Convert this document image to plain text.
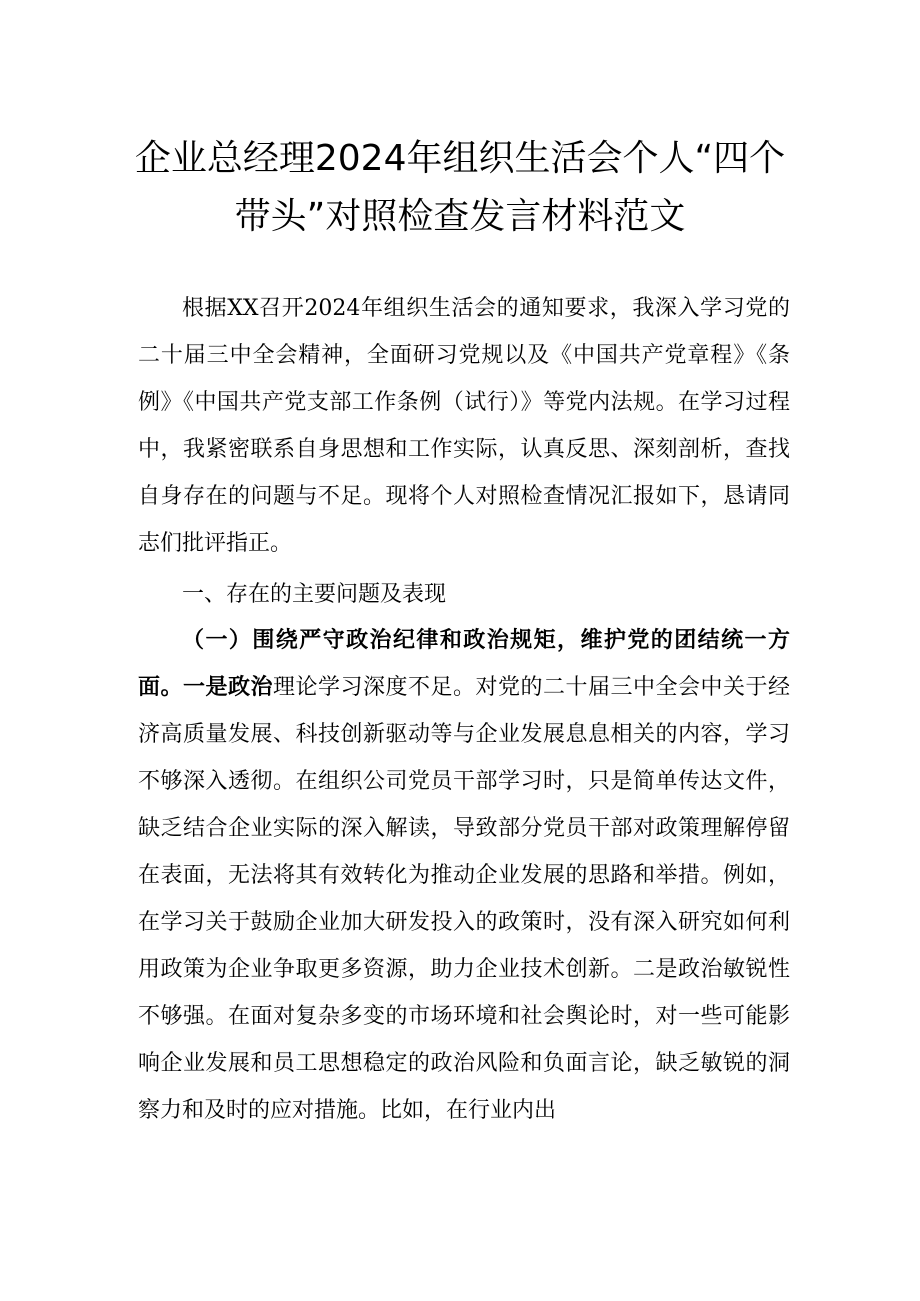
企业总经理2024年组织生活会个人“四个
带头”对照检查发言材料范文

根据XX召开2024年组织生活会的通知要求，我深入学习党的二十届三中全会精神，全面研习党规以及《中国共产党章程》《条例》《中国共产党支部工作条例（试行）》等党内法规。在学习过程中，我紧密联系自身思想和工作实际，认真反思、深刻剖析，查找自身存在的问题与不足。现将个人对照检查情况汇报如下，恳请同志们批评指正。

一、存在的主要问题及表现

（一）围绕严守政治纪律和政治规矩，维护党的团结统一方面。一是政治理论学习深度不足。对党的二十届三中全会中关于经济高质量发展、科技创新驱动等与企业发展息息相关的内容，学习不够深入透彻。在组织公司党员干部学习时，只是简单传达文件，缺乏结合企业实际的深入解读，导致部分党员干部对政策理解停留在表面，无法将其有效转化为推动企业发展的思路和举措。例如，在学习关于鼓励企业加大研发投入的政策时，没有深入研究如何利用政策为企业争取更多资源，助力企业技术创新。二是政治敏锐性不够强。在面对复杂多变的市场环境和社会舆论时，对一些可能影响企业发展和员工思想稳定的政治风险和负面言论，缺乏敏锐的洞察力和及时的应对措施。比如，在行业内出
